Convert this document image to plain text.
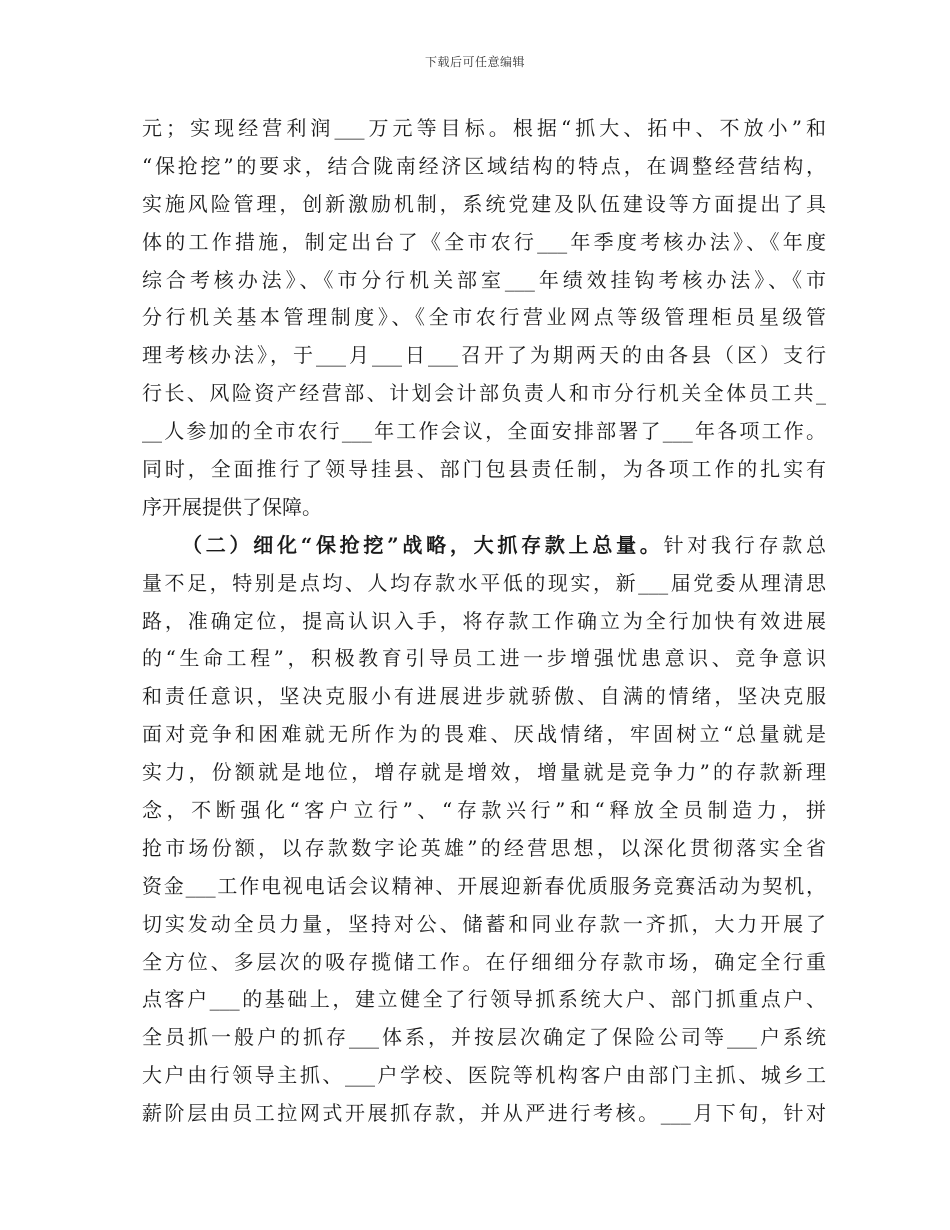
下载后可任意编辑
元；实现经营利润___万元等目标。根据“抓大、拓中、不放小”和
“保抢挖”的要求，结合陇南经济区域结构的特点，在调整经营结构，
实施风险管理，创新激励机制，系统党建及队伍建设等方面提出了具
体的工作措施，制定出台了《全市农行___年季度考核办法》、《年度
综合考核办法》、《市分行机关部室___年绩效挂钩考核办法》、《市
分行机关基本管理制度》、《全市农行营业网点等级管理柜员星级管
理考核办法》，于___月___日___召开了为期两天的由各县（区）支行
行长、风险资产经营部、计划会计部负责人和市分行机关全体员工共_
__人参加的全市农行___年工作会议，全面安排部署了___年各项工作。
同时，全面推行了领导挂县、部门包县责任制，为各项工作的扎实有
序开展提供了保障。
（二）细化“保抢挖”战略，大抓存款上总量。针对我行存款总
量不足，特别是点均、人均存款水平低的现实，新___届党委从理清思
路，准确定位，提高认识入手，将存款工作确立为全行加快有效进展
的“生命工程”，积极教育引导员工进一步增强忧患意识、竞争意识
和责任意识，坚决克服小有进展进步就骄傲、自满的情绪，坚决克服
面对竞争和困难就无所作为的畏难、厌战情绪，牢固树立“总量就是
实力，份额就是地位，增存就是增效，增量就是竞争力”的存款新理
念，不断强化“客户立行”、“存款兴行”和“释放全员制造力，拼
抢市场份额，以存款数字论英雄”的经营思想，以深化贯彻落实全省
资金___工作电视电话会议精神、开展迎新春优质服务竞赛活动为契机，
切实发动全员力量，坚持对公、储蓄和同业存款一齐抓，大力开展了
全方位、多层次的吸存揽储工作。在仔细细分存款市场，确定全行重
点客户___的基础上，建立健全了行领导抓系统大户、部门抓重点户、
全员抓一般户的抓存___体系，并按层次确定了保险公司等___户系统
大户由行领导主抓、___户学校、医院等机构客户由部门主抓、城乡工
薪阶层由员工拉网式开展抓存款，并从严进行考核。___月下旬，针对
